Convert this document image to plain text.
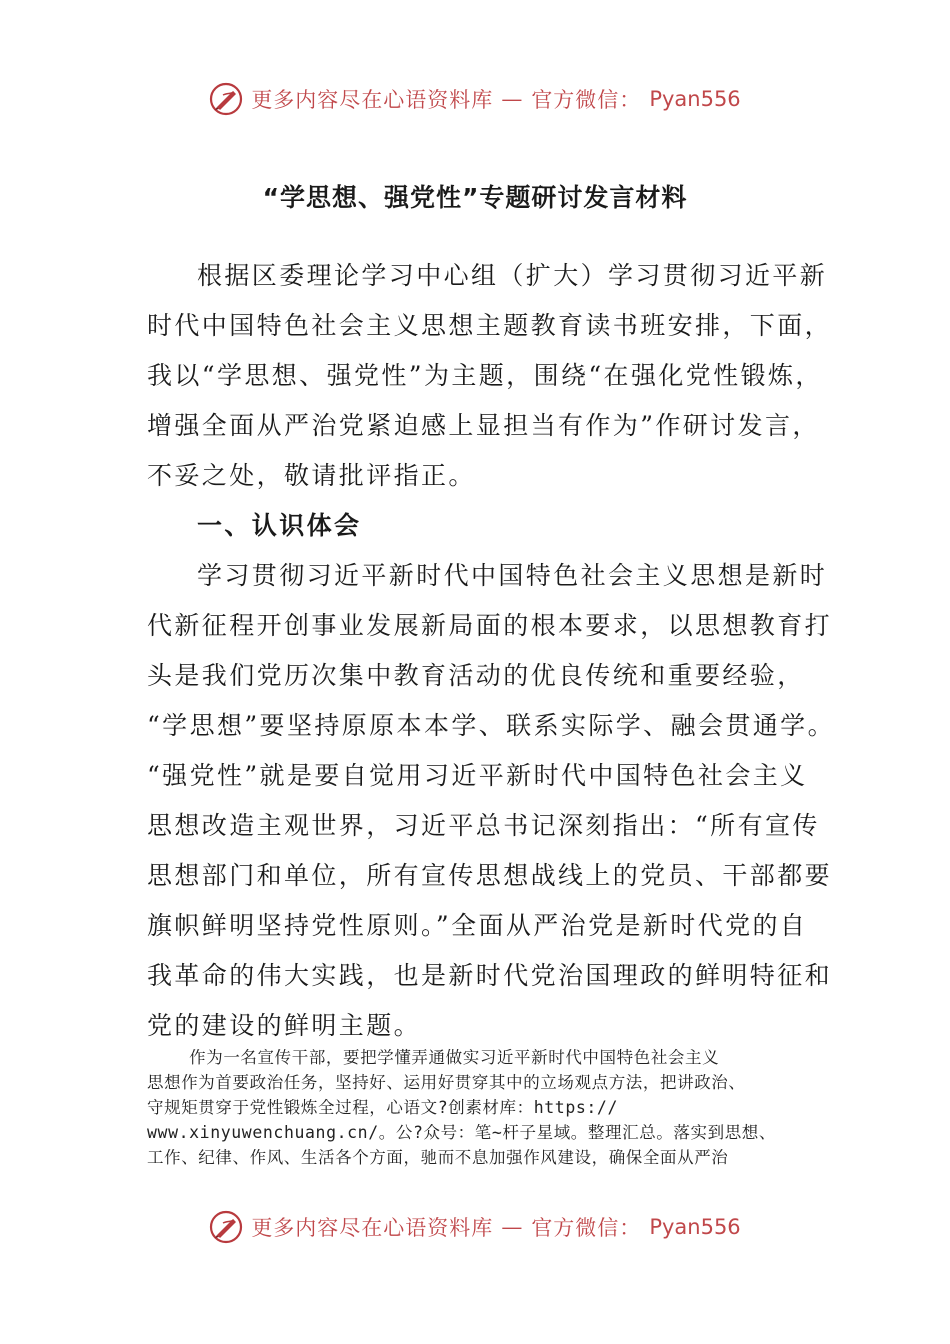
更多内容尽在心语资料库 — 官方微信： Pyan556
“学思想、强党性”专题研讨发言材料
根据区委理论学习中心组（扩大）学习贯彻习近平新
时代中国特色社会主义思想主题教育读书班安排，下面，
我以“学思想、强党性”为主题，围绕“在强化党性锻炼，
增强全面从严治党紧迫感上显担当有作为”作研讨发言，
不妥之处，敬请批评指正。
一、认识体会
学习贯彻习近平新时代中国特色社会主义思想是新时
代新征程开创事业发展新局面的根本要求，以思想教育打
头是我们党历次集中教育活动的优良传统和重要经验，
“学思想”要坚持原原本本学、联系实际学、融会贯通学。
“强党性”就是要自觉用习近平新时代中国特色社会主义
思想改造主观世界，习近平总书记深刻指出：“所有宣传
思想部门和单位，所有宣传思想战线上的党员、干部都要
旗帜鲜明坚持党性原则。”全面从严治党是新时代党的自
我革命的伟大实践，也是新时代党治国理政的鲜明特征和
党的建设的鲜明主题。
作为一名宣传干部，要把学懂弄通做实习近平新时代中国特色社会主义
思想作为首要政治任务，坚持好、运用好贯穿其中的立场观点方法，把讲政治、
守规矩贯穿于党性锻炼全过程，心语文?创素材库：https://
www.xinyuwenchuang.cn/。公?众号：笔~杆子星域。整理汇总。落实到思想、
工作、纪律、作风、生活各个方面，驰而不息加强作风建设，确保全面从严治
更多内容尽在心语资料库 — 官方微信： Pyan556
